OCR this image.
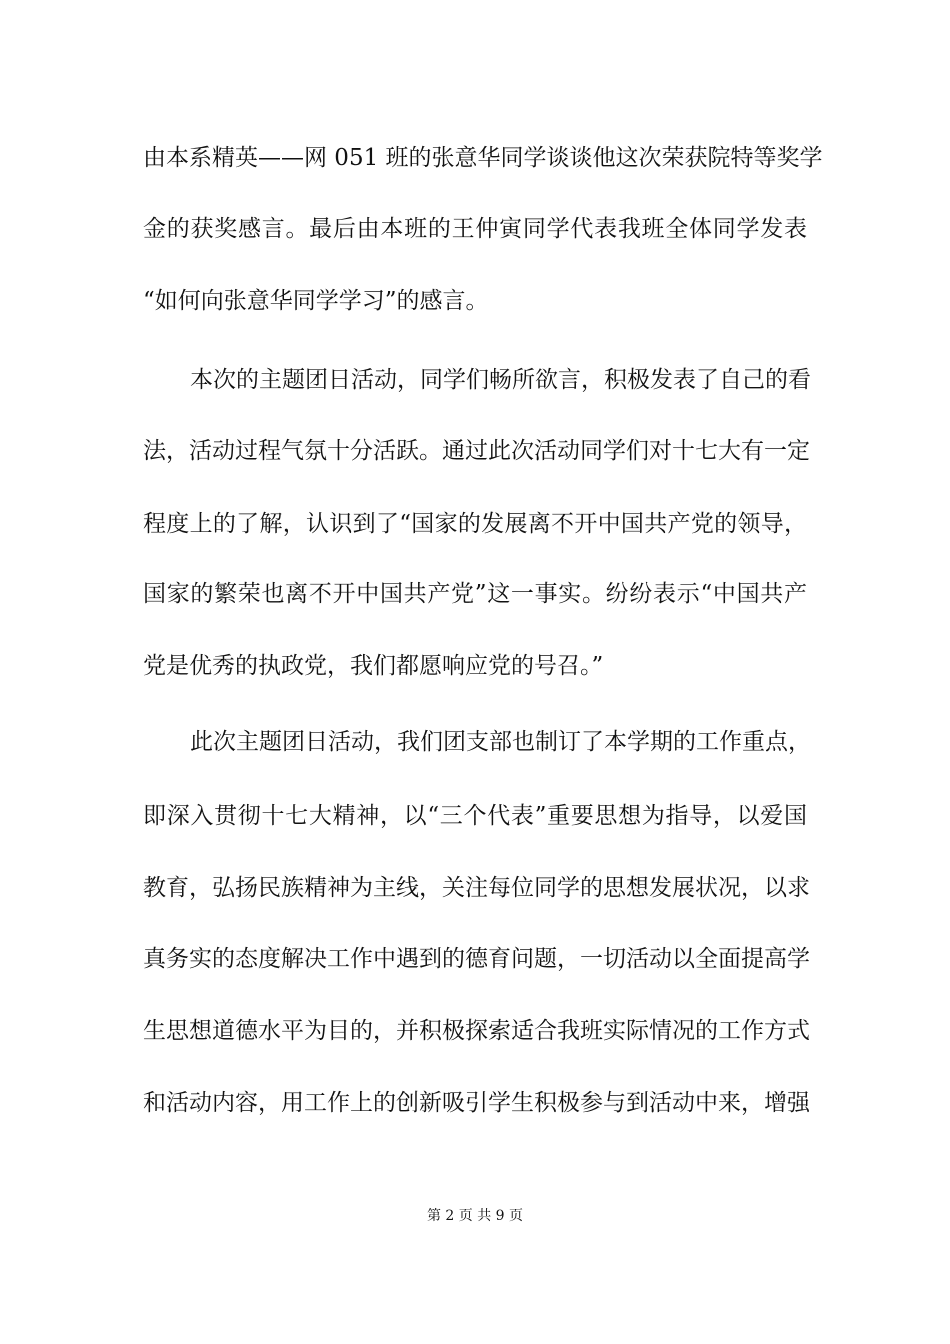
由本系精英——网 051 班的张意华同学谈谈他这次荣获院特等奖学
金的获奖感言。最后由本班的王仲寅同学代表我班全体同学发表
“如何向张意华同学学习”的感言。
本次的主题团日活动，同学们畅所欲言，积极发表了自己的看
法，活动过程气氛十分活跃。通过此次活动同学们对十七大有一定
程度上的了解，认识到了“国家的发展离不开中国共产党的领导，
国家的繁荣也离不开中国共产党”这一事实。纷纷表示“中国共产
党是优秀的执政党，我们都愿响应党的号召。”
此次主题团日活动，我们团支部也制订了本学期的工作重点，
即深入贯彻十七大精神，以“三个代表”重要思想为指导，以爱国
教育，弘扬民族精神为主线，关注每位同学的思想发展状况，以求
真务实的态度解决工作中遇到的德育问题，一切活动以全面提高学
生思想道德水平为目的，并积极探索适合我班实际情况的工作方式
和活动内容，用工作上的创新吸引学生积极参与到活动中来，增强
第 2 页 共 9 页
